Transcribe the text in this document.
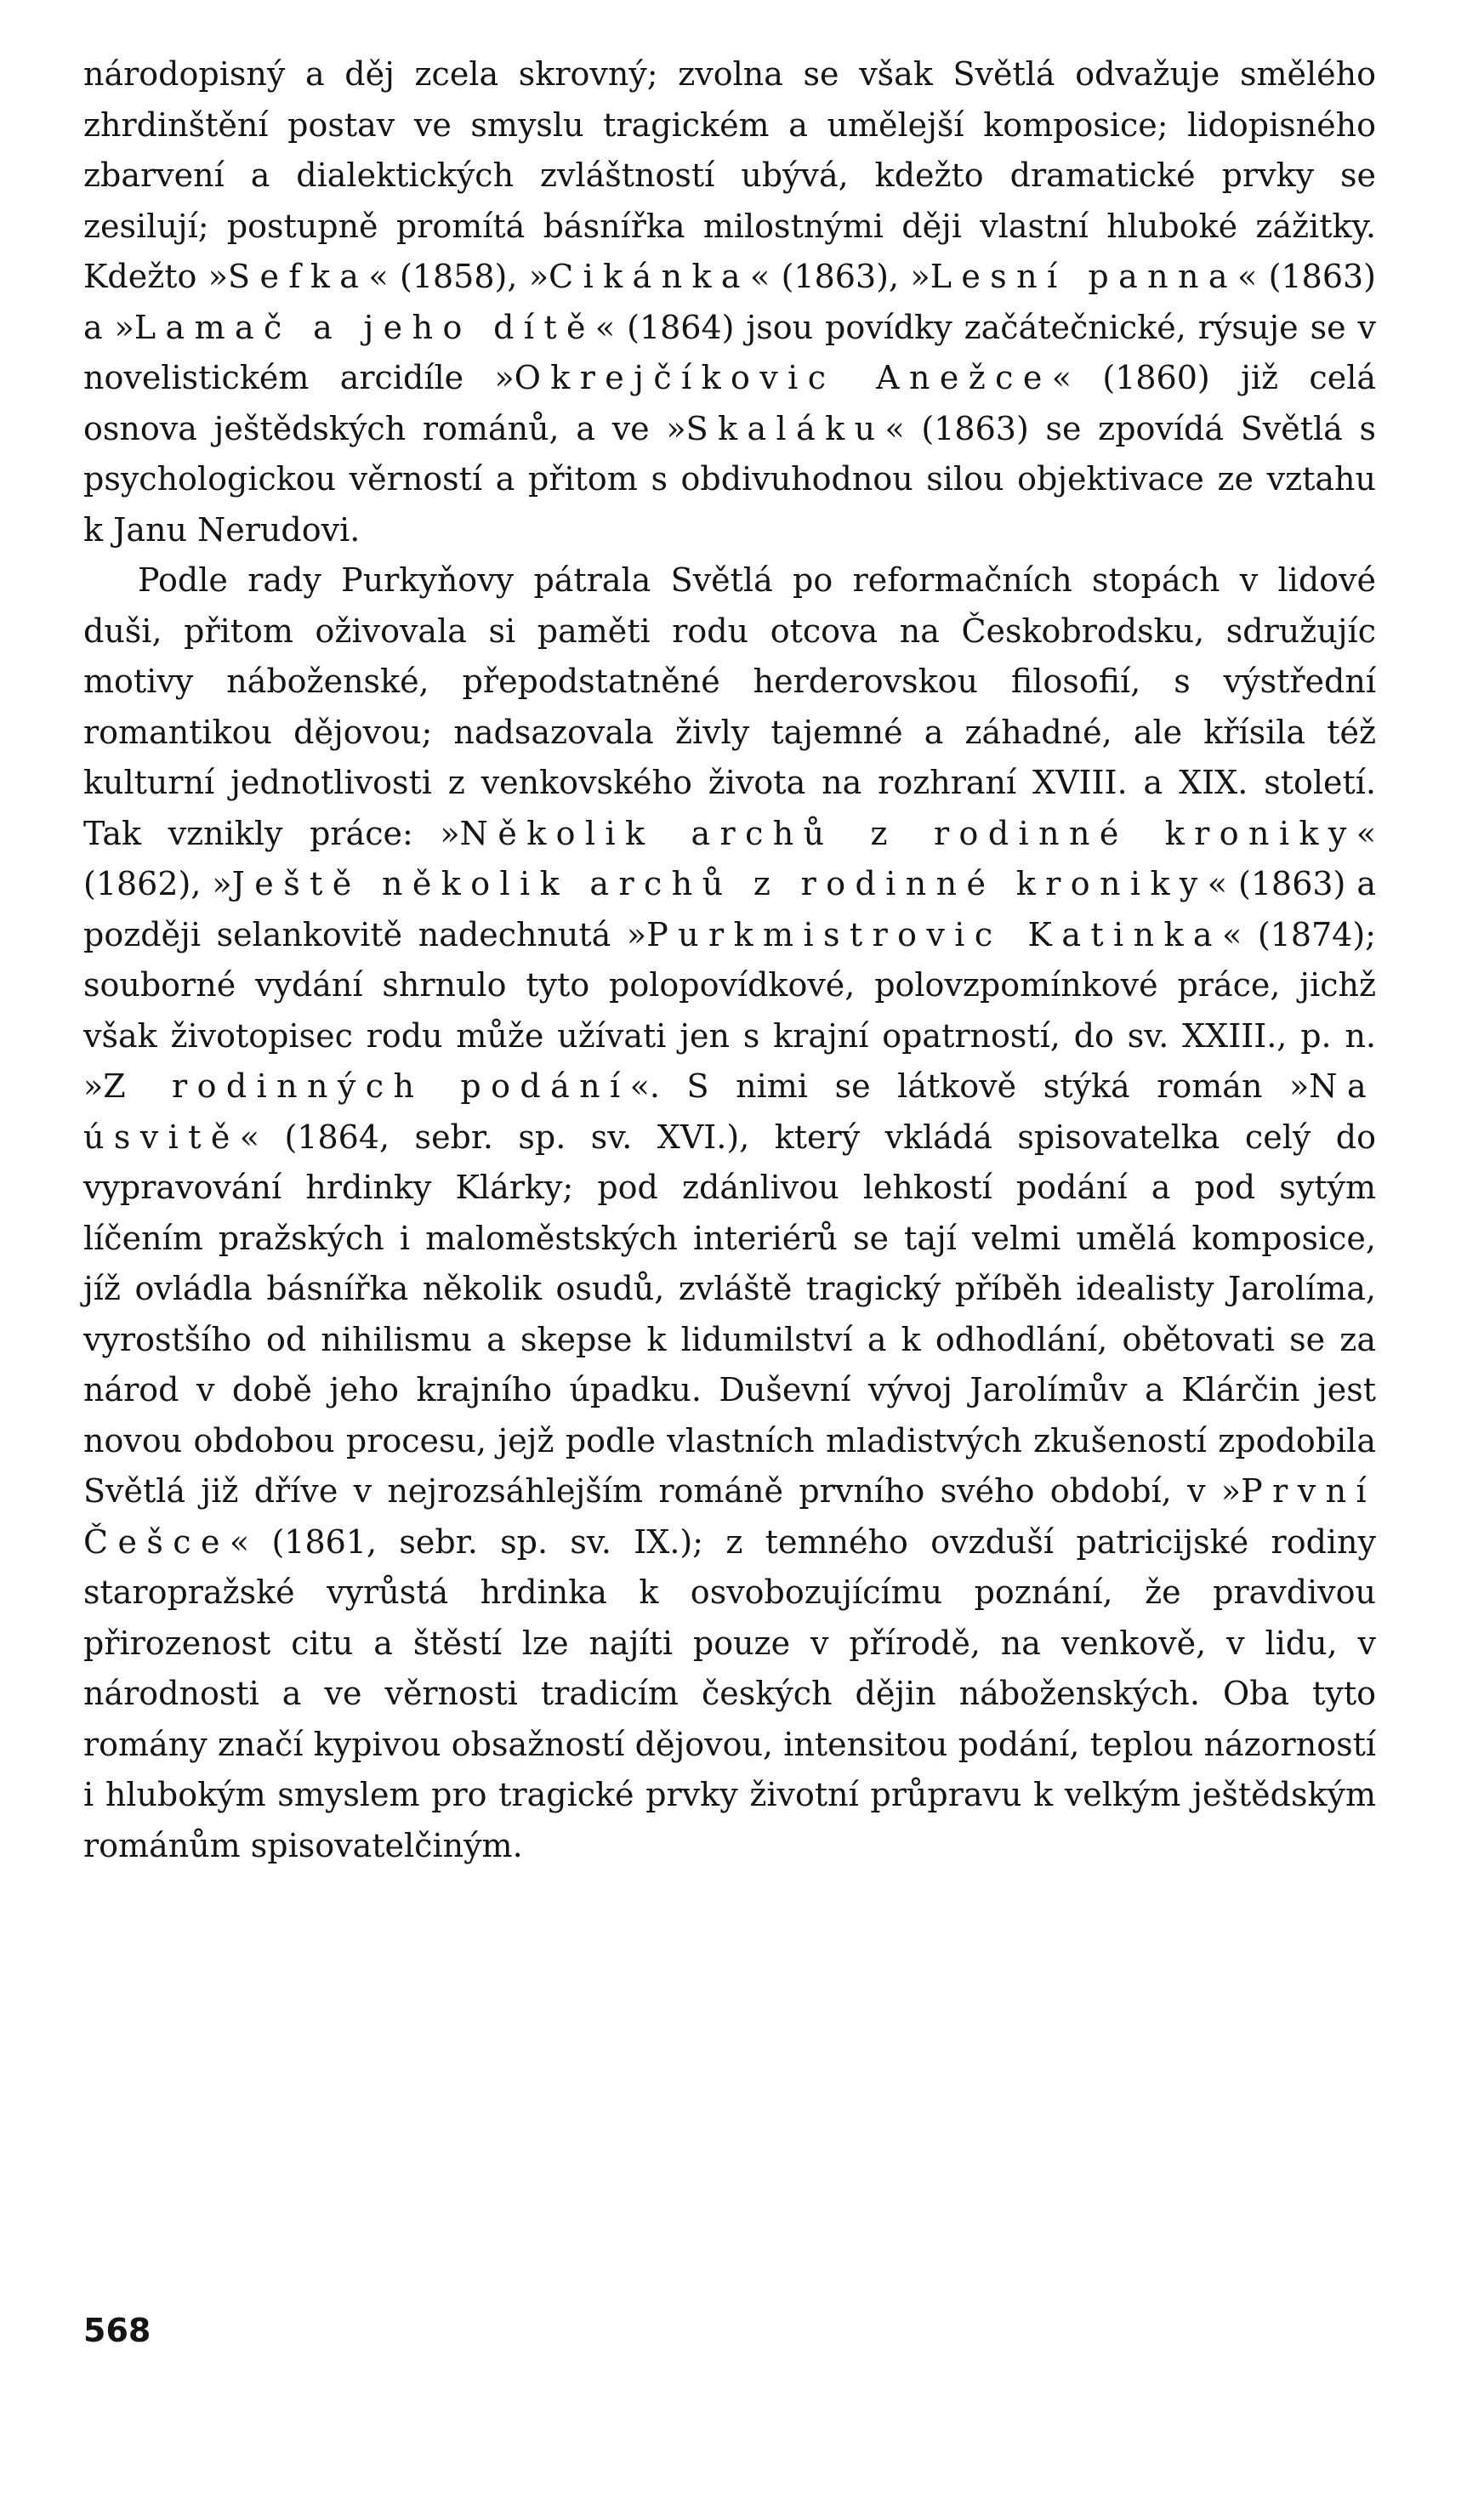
národopisný a děj zcela skrovný; zvolna se však Světlá odvažuje smělého zhrdinštění postav ve smyslu tragickém a umělejší komposice; lidopisného zbarvení a dialektických zvláštností ubývá, kdežto dramatické prvky se zesilují; postupně promítá básnířka milostnými ději vlastní hluboké zážitky. Kdežto »Sefka« (1858), »Cikánka« (1863), »Lesní panna« (1863) a »Lamač a jeho dítě« (1864) jsou povídky začátečnické, rýsuje se v novelistickém arcidíle »Okrejčíkovic Anežce« (1860) již celá osnova ještědských románů, a ve »Skaláku« (1863) se zpovídá Světlá s psychologickou věrností a přitom s obdivuhodnou silou objektivace ze vztahu k Janu Nerudovi.

Podle rady Purkyňovy pátrala Světlá po reformačních stopách v lidové duši, přitom oživovala si paměti rodu otcova na Českobrodsku, sdružujíc motivy náboženské, přepodstatněné herderovskou filosofií, s výstřední romantikou dějovou; nadsazovala živly tajemné a záhadné, ale křísila též kulturní jednotlivosti z venkovského života na rozhraní XVIII. a XIX. století. Tak vznikly práce: »Několik archů z rodinné kroniky« (1862), »Ještě několik archů z rodinné kroniky« (1863) a později selankovitě nadechnutá »Purkmistrovic Katinka« (1874); souborné vydání shrnulo tyto polopovídkové, polovzpomínkové práce, jichž však životopisec rodu může užívati jen s krajní opatrností, do sv. XXIII., p. n. »Z rodinných podání«. S nimi se látkově stýká román »Na úsvitě« (1864, sebr. sp. sv. XVI.), který vkládá spisovatelka celý do vypravování hrdinky Klárky; pod zdánlivou lehkostí podání a pod sytým líčením pražských i maloměstských interiérů se tají velmi umělá komposice, jíž ovládla básnířka několik osudů, zvláště tragický příběh idealisty Jarolíma, vyrostšího od nihilismu a skepse k lidumilství a k odhodlání, obětovati se za národ v době jeho krajního úpadku. Duševní vývoj Jarolímův a Klárčin jest novou obdobou procesu, jejž podle vlastních mladistvých zkušeností zpodobila Světlá již dříve v nejrozsáhlejším románě prvního svého období, v »První Češce« (1861, sebr. sp. sv. IX.); z temného ovzduší patricijské rodiny staropražské vyrůstá hrdinka k osvobozujícímu poznání, že pravdivou přirozenost citu a štěstí lze najíti pouze v přírodě, na venkově, v lidu, v národnosti a ve věrnosti tradicím českých dějin náboženských. Oba tyto romány značí kypivou obsažností dějovou, intensitou podání, teplou názorností i hlubokým smyslem pro tragické prvky životní průpravu k velkým ještědským románům spisovatelčiným.

568
